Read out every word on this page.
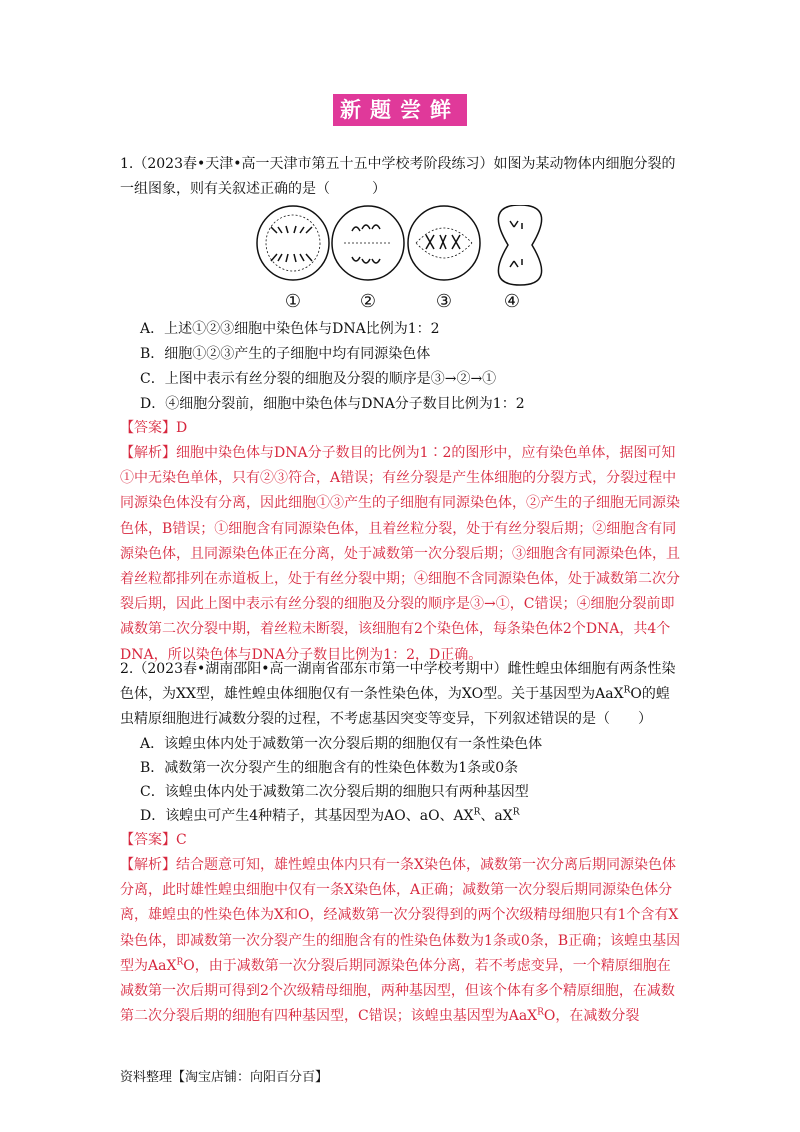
新题尝鲜
1.（2023春•天津•高一天津市第五十五中学校考阶段练习）如图为某动物体内细胞分裂的一组图象，则有关叙述正确的是（　　　）
①	②	③	④

A．上述①②③细胞中染色体与DNA比例为1：2

B．细胞①②③产生的子细胞中均有同源染色体

C．上图中表示有丝分裂的细胞及分裂的顺序是③→②→①

D．④细胞分裂前，细胞中染色体与DNA分子数目比例为1：2

【答案】D
【解析】细胞中染色体与DNA分子数目的比例为1∶2的图形中，应有染色单体，据图可知①中无染色单体，只有②③符合，A错误；有丝分裂是产生体细胞的分裂方式，分裂过程中同源染色体没有分离，因此细胞①③产生的子细胞有同源染色体，②产生的子细胞无同源染色体，B错误；①细胞含有同源染色体，且着丝粒分裂，处于有丝分裂后期；②细胞含有同源染色体，且同源染色体正在分离，处于减数第一次分裂后期；③细胞含有同源染色体，且着丝粒都排列在赤道板上，处于有丝分裂中期；④细胞不含同源染色体，处于减数第二次分裂后期，因此上图中表示有丝分裂的细胞及分裂的顺序是③→①，C错误；④细胞分裂前即减数第二次分裂中期，着丝粒未断裂，该细胞有2个染色体，每条染色体2个DNA，共4个DNA，所以染色体与DNA分子数目比例为1：2，D正确。
2.（2023春•湖南邵阳•高一湖南省邵东市第一中学校考期中）雌性蝗虫体细胞有两条性染色体，为XX型，雄性蝗虫体细胞仅有一条性染色体，为XO型。关于基因型为AaX$^R$O的蝗虫精原细胞进行减数分裂的过程，不考虑基因突变等变异，下列叙述错误的是（　　）

A．该蝗虫体内处于减数第一次分裂后期的细胞仅有一条性染色体

B．减数第一次分裂产生的细胞含有的性染色体数为1条或0条

C．该蝗虫体内处于减数第二次分裂后期的细胞只有两种基因型

D．该蝗虫可产生4种精子，其基因型为AO、aO、$AX^R$、$aX^R$

【答案】C
【解析】结合题意可知，雄性蝗虫体内只有一条X染色体，减数第一次分离后期同源染色体分离，此时雄性蝗虫细胞中仅有一条X染色体，A正确；减数第一次分裂后期同源染色体分离，雄蝗虫的性染色体为X和O，经减数第一次分裂得到的两个次级精母细胞只有1个含有X染色体，即减数第一次分裂产生的细胞含有的性染色体数为1条或0条，B正确；该蝗虫基因型为AaX$^R$O，由于减数第一次分裂后期同源染色体分离，若不考虑变异，一个精原细胞在减数第一次后期可得到2个次级精母细胞，两种基因型，但该个体有多个精原细胞，在减数第二次分裂后期的细胞有四种基因型，C错误；该蝗虫基因型为AaX$^R$O，在减数分裂
资料整理【淘宝店铺：向阳百分百】
